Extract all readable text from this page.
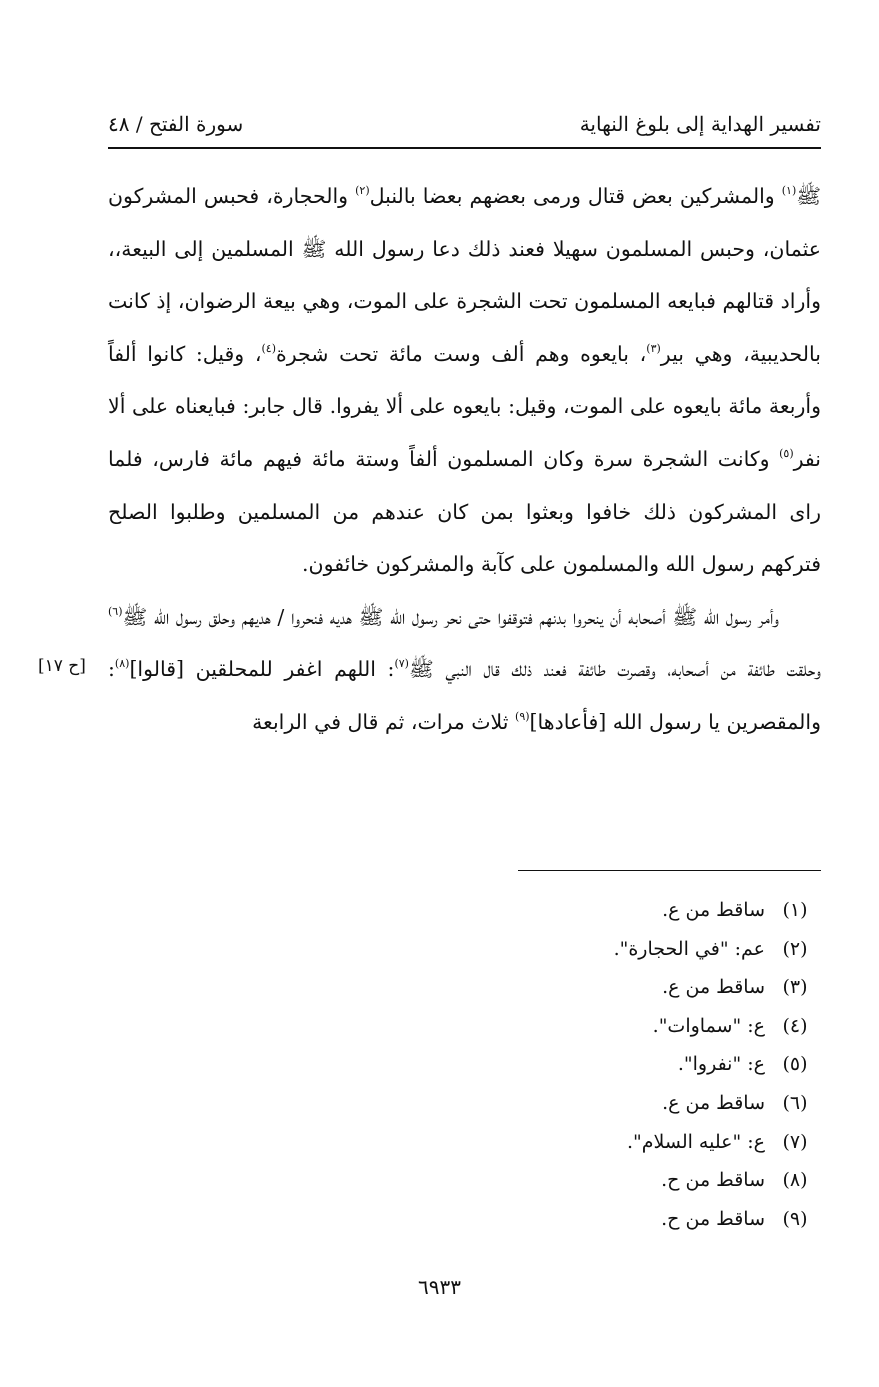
تفسير الهداية إلى بلوغ النهاية
سورة الفتح / ٤٨

ﷺ$^{(١)}$ والمشركين بعض قتال ورمى بعضهم بعضا بالنبل$^{(٢)}$ والحجارة، فحبس المشركون عثمان، وحبس المسلمون سهيلا فعند ذلك دعا رسول الله ﷺ المسلمين إلى البيعة،، وأراد قتالهم فبايعه المسلمون تحت الشجرة على الموت، وهي بيعة الرضوان، إذ كانت بالحديبية، وهي بير$^{(٣)}$، بايعوه وهم ألف وست مائة تحت شجرة$^{(٤)}$، وقيل: كانوا ألفاً وأربعة مائة بايعوه على الموت، وقيل: بايعوه على ألا يفروا. قال جابر: فبايعناه على ألا نفر$^{(٥)}$ وكانت الشجرة سرة وكان المسلمون ألفاً وستة مائة فيهم مائة فارس، فلما راى المشركون ذلك خافوا وبعثوا بمن كان عندهم من المسلمين وطلبوا الصلح فتركهم رسول الله والمسلمون على كآبة والمشركون خائفون.

وأمر رسول الله ﷺ أصحابه أن ينحروا بدنهم فتوقفوا حتى نحر رسول الله ﷺ هديه فنحروا / هديهم وحلق رسول الله ﷺ$^{(٦)}$ وحلقت طائفة من أصحابه، وقصرت طائفة فعند ذلك قال النبي ﷺ$^{(٧)}$: اللهم اغفر للمحلقين [قالوا]$^{(٨)}$: والمقصرين يا رسول الله [فأعادها]$^{(٩)}$ ثلاث مرات، ثم قال في الرابعة

[ح ١٧]
(١)ساقط من ع.
(٢)عم: "في الحجارة".
(٣)ساقط من ع.
(٤)ع: "سماوات".
(٥)ع: "نفروا".
(٦)ساقط من ع.
(٧)ع: "عليه السلام".
(٨)ساقط من ح.
(٩)ساقط من ح.
٦٩٣٣
